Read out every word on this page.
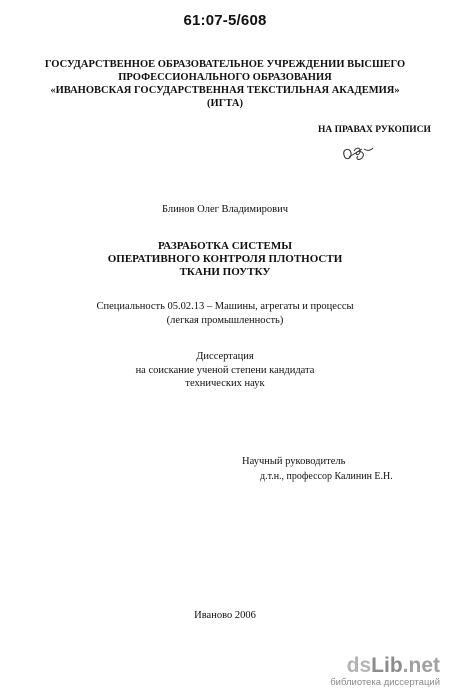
61:07-5/608
ГОСУДАРСТВЕННОЕ ОБРАЗОВАТЕЛЬНОЕ УЧРЕЖДЕНИИ ВЫСШЕГО
ПРОФЕССИОНАЛЬНОГО ОБРАЗОВАНИЯ
«ИВАНОВСКАЯ ГОСУДАРСТВЕННАЯ ТЕКСТИЛЬНАЯ АКАДЕМИЯ»
(ИГТА)
НА ПРАВАХ РУКОПИСИ
Блинов Олег Владимирович
РАЗРАБОТКА СИСТЕМЫ
ОПЕРАТИВНОГО КОНТРОЛЯ ПЛОТНОСТИ
ТКАНИ ПОУТКУ
Специальность 05.02.13 – Машины, агрегаты и процессы
(легкая промышленность)
Диссертация
на соискание ученой степени кандидата
технических наук
Научный руководитель
д.т.н., профессор Калинин Е.Н.
Иваново 2006
dsLib.net
библиотека диссертаций
